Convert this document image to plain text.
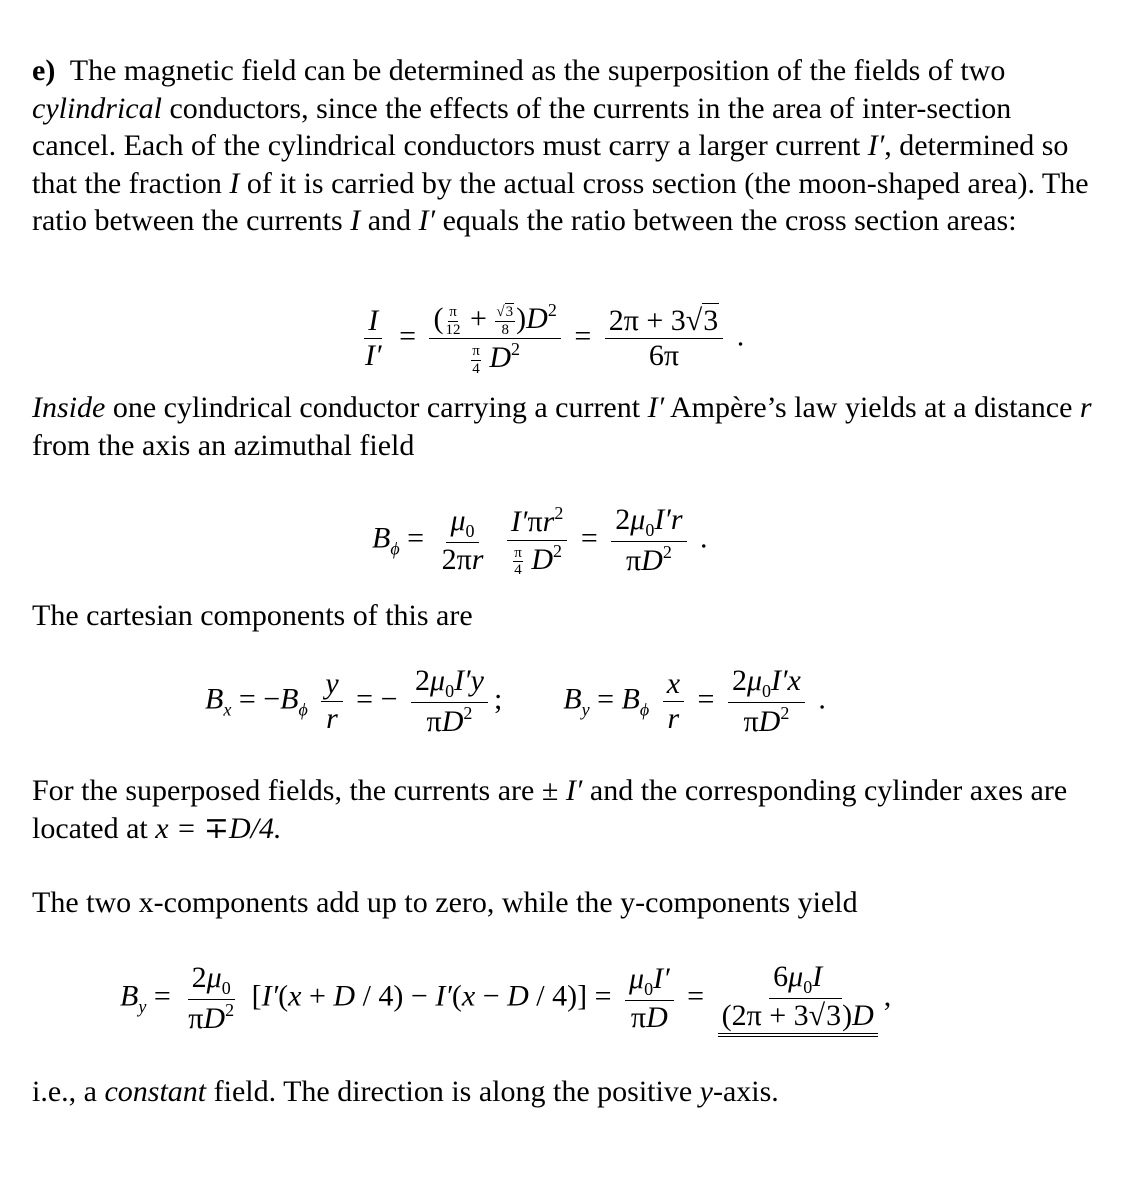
e) The magnetic field can be determined as the superposition of the fields of two cylindrical conductors, since the effects of the currents in the area of inter-section cancel. Each of the cylindrical conductors must carry a larger current I′, determined so that the fraction I of it is carried by the actual cross section (the moon-shaped area). The ratio between the currents I and I′ equals the ratio between the cross section areas:

$\frac{I}{I'} = \frac{( \frac{\pi}{12} + \frac{√3}{8} )D^2}{\frac{\pi}{4} D^2} = \frac{2\pi + 3√3}{6\pi}$ .

Inside one cylindrical conductor carrying a current I′ Ampère’s law yields at a distance r from the axis an azimuthal field

$B_\phi = \frac{\mu_0}{2\pi r}$
$\frac{I'\pi r^2}{\frac{\pi}{4} D^2} = \frac{2\mu_0I'r}{\pi D^2}$ .

The cartesian components of this are

$B_x = -B_\phi \frac{y}{r}$ = − $\frac{2\mu_0I'y}{\pi D^2}$ ;  $B_y = B_\phi \frac{x}{r} = \frac{2\mu_0I'x}{\pi D^2}$ .

For the superposed fields, the currents are ± I′ and the corresponding cylinder axes are located at x = ∓D/4.

The two x-components add up to zero, while the y-components yield

$B_y = \frac{2\mu_0}{\pi D^2} [I'(x + D / 4) - I'(x - D / 4)] = \frac{\mu_0I'}{\pi D} = \frac{6\mu_0I}{(2\pi + 3√3)D}$ ,

i.e., a constant field. The direction is along the positive y-axis.
